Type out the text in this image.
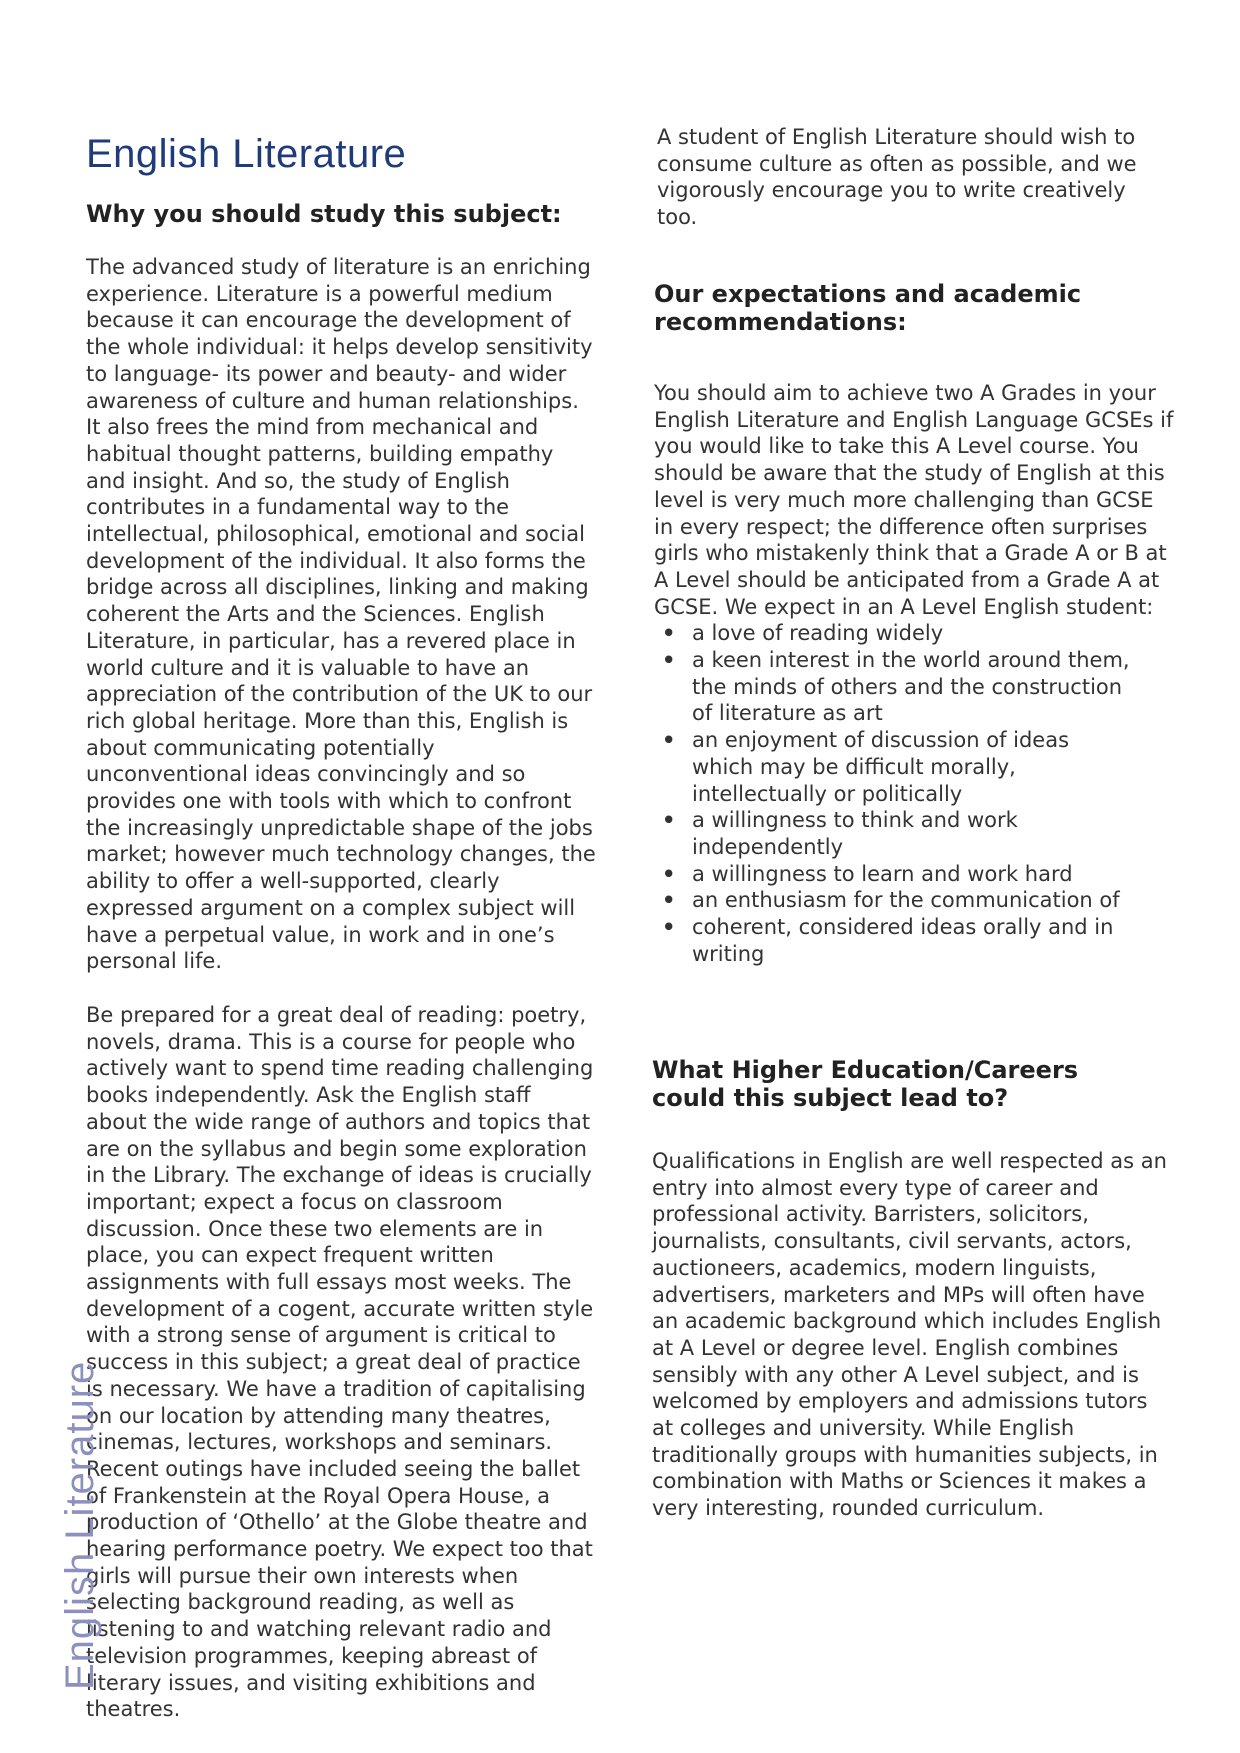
English Literature
Why you should study this subject:

The advanced study of literature is an enriching experience. Literature is a powerful medium because it can encourage the development of the whole individual: it helps develop sensitivity to language- its power and beauty- and wider awareness of culture and human relationships. It also frees the mind from mechanical and habitual thought patterns, building empathy and insight. And so, the study of English contributes in a fundamental way to the intellectual, philosophical, emotional and social development of the individual. It also forms the bridge across all disciplines, linking and making coherent the Arts and the Sciences. English Literature, in particular, has a revered place in world culture and it is valuable to have an appreciation of the contribution of the UK to our rich global heritage. More than this, English is about communicating potentially unconventional ideas convincingly and so provides one with tools with which to confront the increasingly unpredictable shape of the jobs market; however much technology changes, the ability to offer a well-supported, clearly expressed argument on a complex subject will have a perpetual value, in work and in one’s personal life.

Be prepared for a great deal of reading: poetry, novels, drama. This is a course for people who actively want to spend time reading challenging books independently. Ask the English staff about the wide range of authors and topics that are on the syllabus and begin some exploration in the Library. The exchange of ideas is crucially important; expect a focus on classroom discussion. Once these two elements are in place, you can expect frequent written assignments with full essays most weeks. The development of a cogent, accurate written style with a strong sense of argument is critical to success in this subject; a great deal of practice is necessary. We have a tradition of capitalising on our location by attending many theatres, cinemas, lectures, workshops and seminars. Recent outings have included seeing the ballet of Frankenstein at the Royal Opera House, a production of ‘Othello’ at the Globe theatre and hearing performance poetry. We expect too that girls will pursue their own interests when selecting background reading, as well as listening to and watching relevant radio and television programmes, keeping abreast of literary issues, and visiting exhibitions and theatres.

A student of English Literature should wish to consume culture as often as possible, and we vigorously encourage you to write creatively too.

Our expectations and academic recommendations:

You should aim to achieve two A Grades in your English Literature and English Language GCSEs if you would like to take this A Level course. You should be aware that the study of English at this level is very much more challenging than GCSE in every respect; the difference often surprises girls who mistakenly think that a Grade A or B at A Level should be anticipated from a Grade A at GCSE. We expect in an A Level English student:

• a love of reading widely
• a keen interest in the world around them, the minds of others and the construction of literature as art
• an enjoyment of discussion of ideas which may be difficult morally, intellectually or politically
• a willingness to think and work independently
• a willingness to learn and work hard
• an enthusiasm for the communication of
• coherent, considered ideas orally and in writing
What Higher Education/Careers could this subject lead to?

Qualifications in English are well respected as an entry into almost every type of career and professional activity. Barristers, solicitors, journalists, consultants, civil servants, actors, auctioneers, academics, modern linguists, advertisers, marketers and MPs will often have an academic background which includes English at A Level or degree level. English combines sensibly with any other A Level subject, and is welcomed by employers and admissions tutors at colleges and university. While English traditionally groups with humanities subjects, in combination with Maths or Sciences it makes a very interesting, rounded curriculum.

English Literature
